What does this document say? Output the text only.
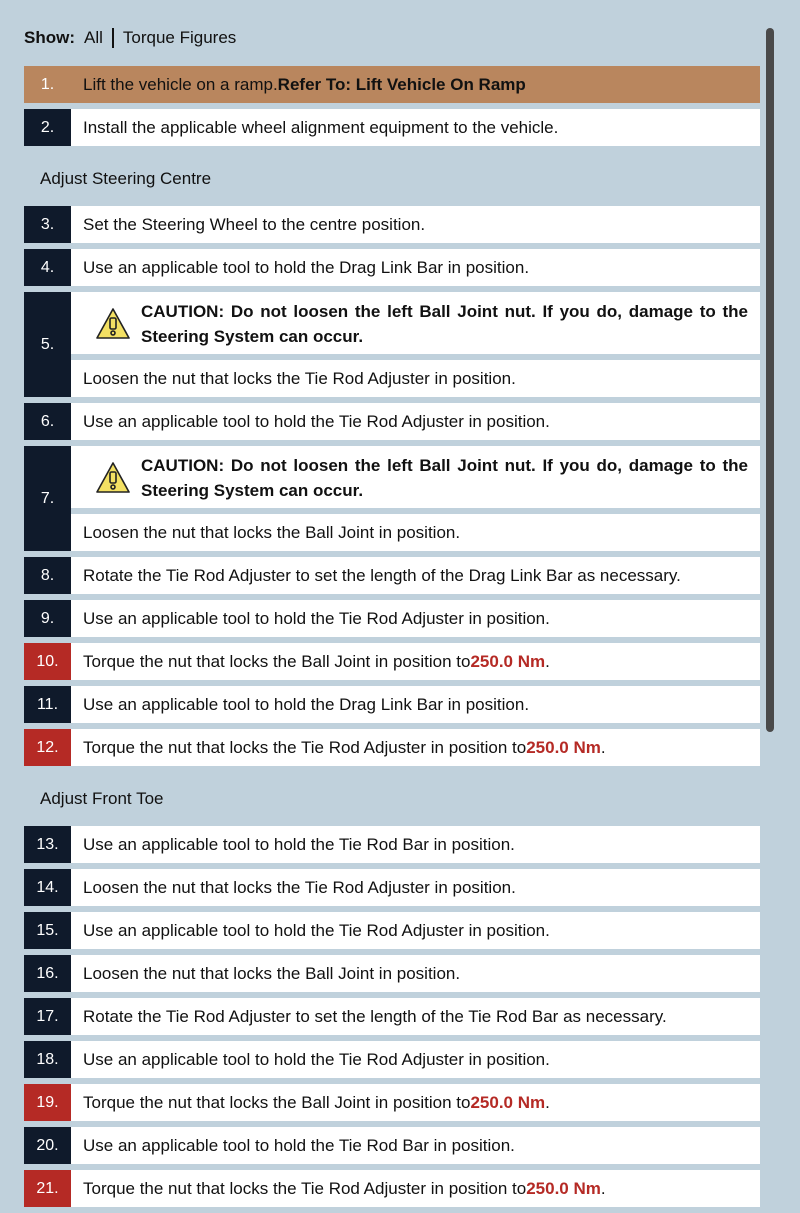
Show: All Torque Figures
1.	Lift the vehicle on a ramp. Refer To: Lift Vehicle On Ramp
2.	Install the applicable wheel alignment equipment to the vehicle.
Adjust Steering Centre
3.	Set the Steering Wheel to the centre position.
4.	Use an applicable tool to hold the Drag Link Bar in position.
5.
CAUTION: Do not loosen the left Ball Joint nut. If you do, damage to the Steering System can occur.
Loosen the nut that locks the Tie Rod Adjuster in position.
6.	Use an applicable tool to hold the Tie Rod Adjuster in position.
7.
CAUTION: Do not loosen the left Ball Joint nut. If you do, damage to the Steering System can occur.
Loosen the nut that locks the Ball Joint in position.
8.	Rotate the Tie Rod Adjuster to set the length of the Drag Link Bar as necessary.
9.	Use an applicable tool to hold the Tie Rod Adjuster in position.
10.	Torque the nut that locks the Ball Joint in position to 250.0 Nm .
11.	Use an applicable tool to hold the Drag Link Bar in position.
12.	Torque the nut that locks the Tie Rod Adjuster in position to 250.0 Nm .
Adjust Front Toe
13.	Use an applicable tool to hold the Tie Rod Bar in position.
14.	Loosen the nut that locks the Tie Rod Adjuster in position.
15.	Use an applicable tool to hold the Tie Rod Adjuster in position.
16.	Loosen the nut that locks the Ball Joint in position.
17.	Rotate the Tie Rod Adjuster to set the length of the Tie Rod Bar as necessary.
18.	Use an applicable tool to hold the Tie Rod Adjuster in position.
19.	Torque the nut that locks the Ball Joint in position to 250.0 Nm .
20.	Use an applicable tool to hold the Tie Rod Bar in position.
21.	Torque the nut that locks the Tie Rod Adjuster in position to 250.0 Nm .
